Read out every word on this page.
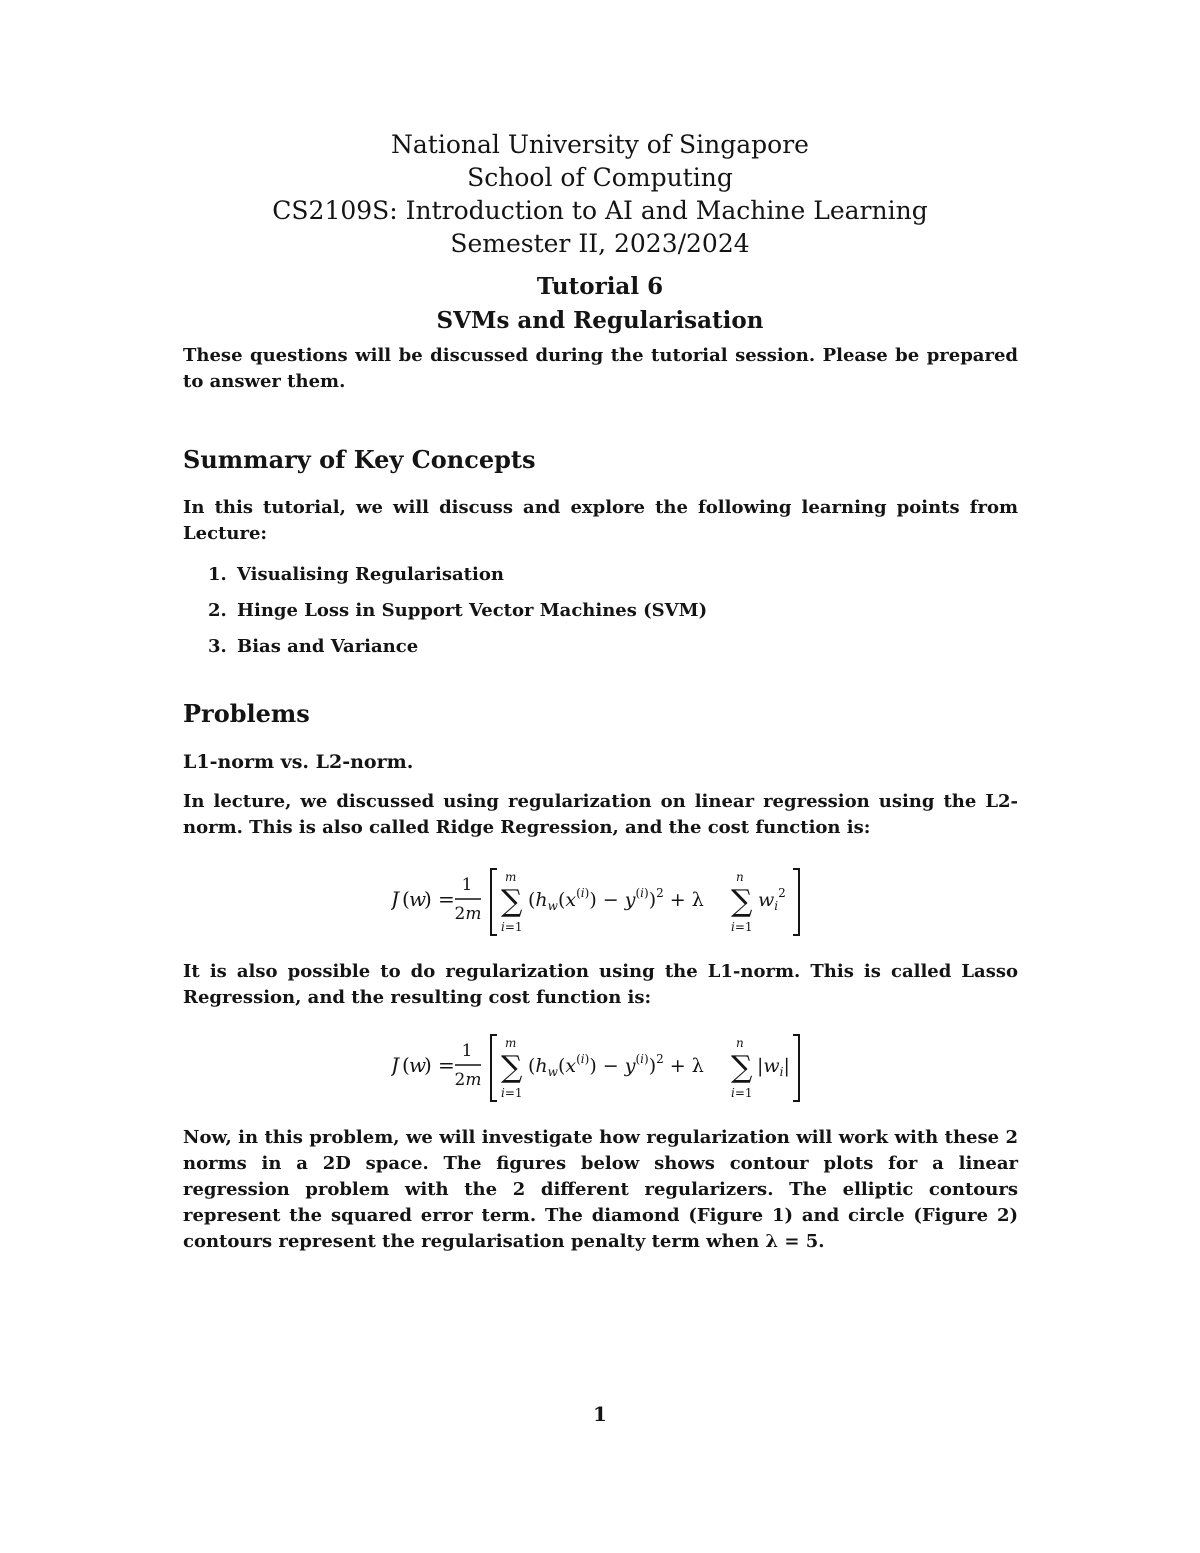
National University of Singapore
School of Computing
CS2109S: Introduction to AI and Machine Learning
Semester II, 2023/2024
Tutorial 6
SVMs and Regularisation

These questions will be discussed during the tutorial session. Please be prepared to answer them.

Summary of Key Concepts

In this tutorial, we will discuss and explore the following learning points from Lecture:

1. Visualising Regularisation
2. Hinge Loss in Support Vector Machines (SVM)
3. Bias and Variance
Problems
L1-norm vs. L2-norm.

In lecture, we discussed using regularization on linear regression using the L2-norm. This is also called Ridge Regression, and the cost function is:

J ( w
) =
1
2m
m
∑
i=1
$(h_w(x^{(i)}) - y^{(i)})^2 + \lambda$
n
∑
i=1
$w_i^2$

It is also possible to do regularization using the L1-norm. This is called Lasso Regression, and the resulting cost function is:

J ( w
) =
1
2m
m
∑
i=1
$(h_w(x^{(i)}) - y^{(i)})^2 + \lambda$
n
∑
i=1
$|w_i|$

Now, in this problem, we will investigate how regularization will work with these 2 norms in a 2D space. The figures below shows contour plots for a linear regression problem with the 2 different regularizers. The elliptic contours represent the squared error term. The diamond (Figure 1) and circle (Figure 2) contours represent the regularisation penalty term when λ = 5.

1
